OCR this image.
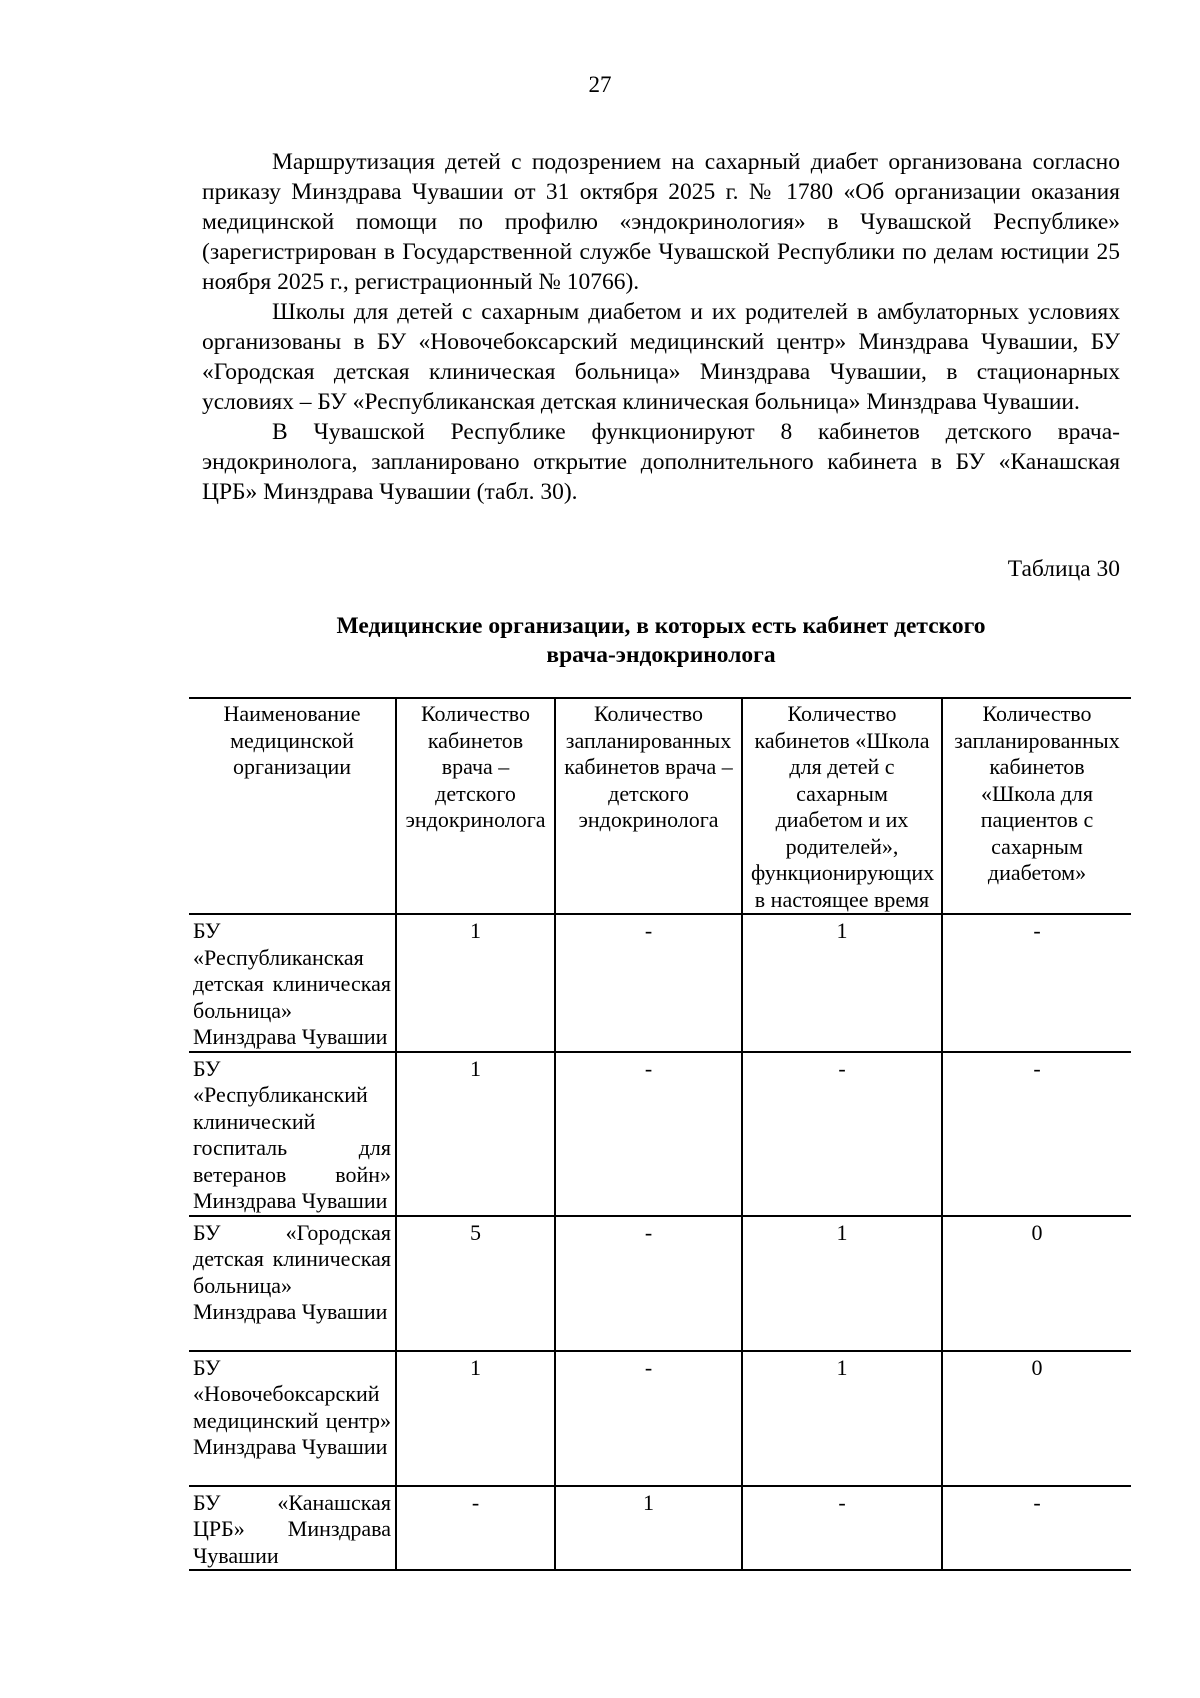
27

Маршрутизация детей с подозрением на сахарный диабет организована согласно приказу Минздрава Чувашии от 31 октября 2025 г. № 1780 «Об организации оказания медицинской помощи по профилю «эндокринология» в Чувашской Республике» (зарегистрирован в Государственной службе Чувашской Республики по делам юстиции 25 ноября 2025 г., регистрационный № 10766).

Школы для детей с сахарным диабетом и их родителей в амбулаторных условиях организованы в БУ «Новочебоксарский медицинский центр» Минздрава Чувашии, БУ «Городская детская клиническая больница» Минздрава Чувашии, в стационарных условиях – БУ «Республиканская детская клиническая больница» Минздрава Чувашии.

В Чувашской Республике функционируют 8 кабинетов детского врача-эндокринолога, запланировано открытие дополнительного кабинета в БУ «Канашская ЦРБ» Минздрава Чувашии (табл. 30).

Таблица 30
Медицинские организации, в которых есть кабинет детского
врача-эндокринолога
Наименование медицинской организации	Количество кабинетов врача – детского эндокринолога	Количество запланированных кабинетов врача – детского эндокринолога	Количество кабинетов «Школа для детей с сахарным диабетом и их родителей», функционирующих в настоящее время	Количество запланированных кабинетов «Школа для пациентов с сахарным диабетом»
БУ «Республиканская детская клиническая больница» Минздрава Чувашии	1	-	1	-
БУ «Республиканский клинический госпиталь для ветеранов войн» Минздрава Чувашии	1	-	-	-
БУ «Городская детская клиническая больница» Минздрава Чувашии	5	-	1	0
БУ «Новочебоксарский медицинский центр» Минздрава Чувашии	1	-	1	0
БУ «Канашская ЦРБ» Минздрава Чувашии	-	1	-	-
